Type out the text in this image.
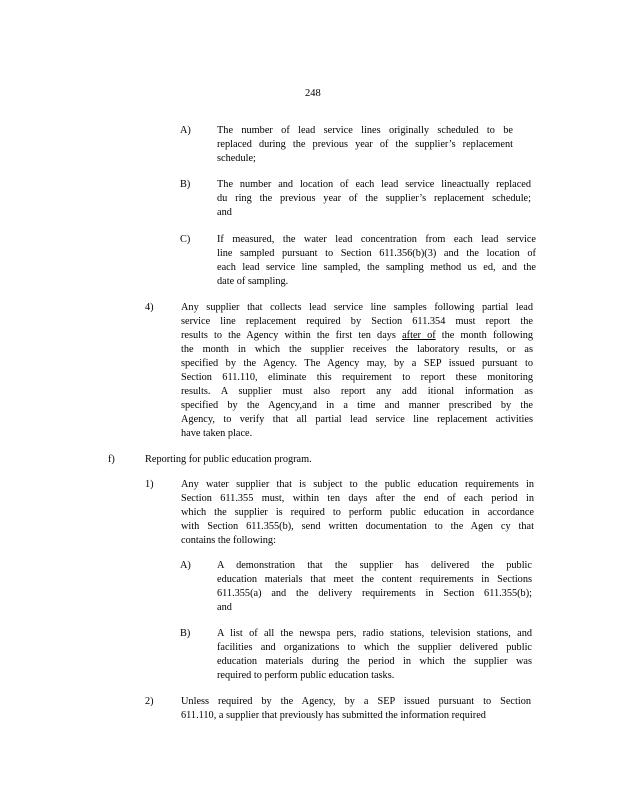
248
A)	The number of lead service lines originally scheduled to be
replaced during the previous year of the supplier’s replacement
schedule;
B)	The number and location of each lead service lineactually replaced
du ring the previous year of the supplier’s replacement schedule;
and
C)	If measured, the water lead concentration from each lead service
line sampled pursuant to Section 611.356(b)(3) and the location of
each lead service line sampled, the sampling method us ed, and the
date of sampling.
4)	Any supplier that collects lead service line samples following partial lead
service line replacement required by Section 611.354 must report the
results to the Agency within the first ten days after of the month following
the month in which the supplier receives the laboratory results, or as
specified by the Agency. The Agency may, by a SEP issued pursuant to
Section 611.110, eliminate this requirement to report these monitoring
results. A supplier must also report any add itional information as
specified by the Agency,and in a time and manner prescribed by the
Agency, to verify that all partial lead service line replacement activities
have taken place.
f)	Reporting for public education program.
1)	Any water supplier that is subject to the public education requirements in
Section 611.355 must, within ten days after the end of each period in
which the supplier is required to perform public education in accordance
with Section 611.355(b), send written documentation to the Agen cy that
contains the following:
A)	A demonstration that the supplier has delivered the public
education materials that meet the content requirements in Sections
611.355(a) and the delivery requirements in Section 611.355(b);
and
B)	A list of all the newspa pers, radio stations, television stations, and
facilities and organizations to which the supplier delivered public
education materials during the period in which the supplier was
required to perform public education tasks.
2)	Unless required by the Agency, by a SEP issued pursuant to Section
611.110, a supplier that previously has submitted the information required
